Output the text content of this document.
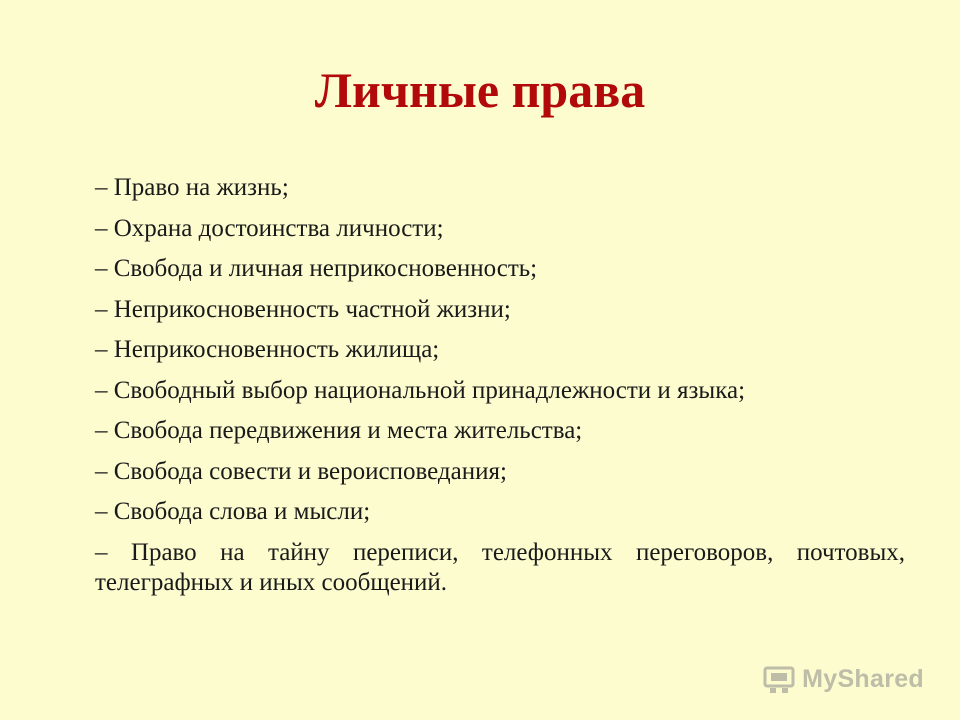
Личные права
– Право на жизнь;
– Охрана достоинства личности;
– Свобода и личная неприкосновенность;
– Неприкосновенность частной жизни;
– Неприкосновенность жилища;
– Свободный выбор национальной принадлежности и языка;
– Свобода передвижения и места жительства;
– Свобода совести и вероисповедания;
– Свобода слова и мысли;
– Право на тайну переписи, телефонных переговоров, почтовых, телеграфных и иных сообщений.
MyShared
